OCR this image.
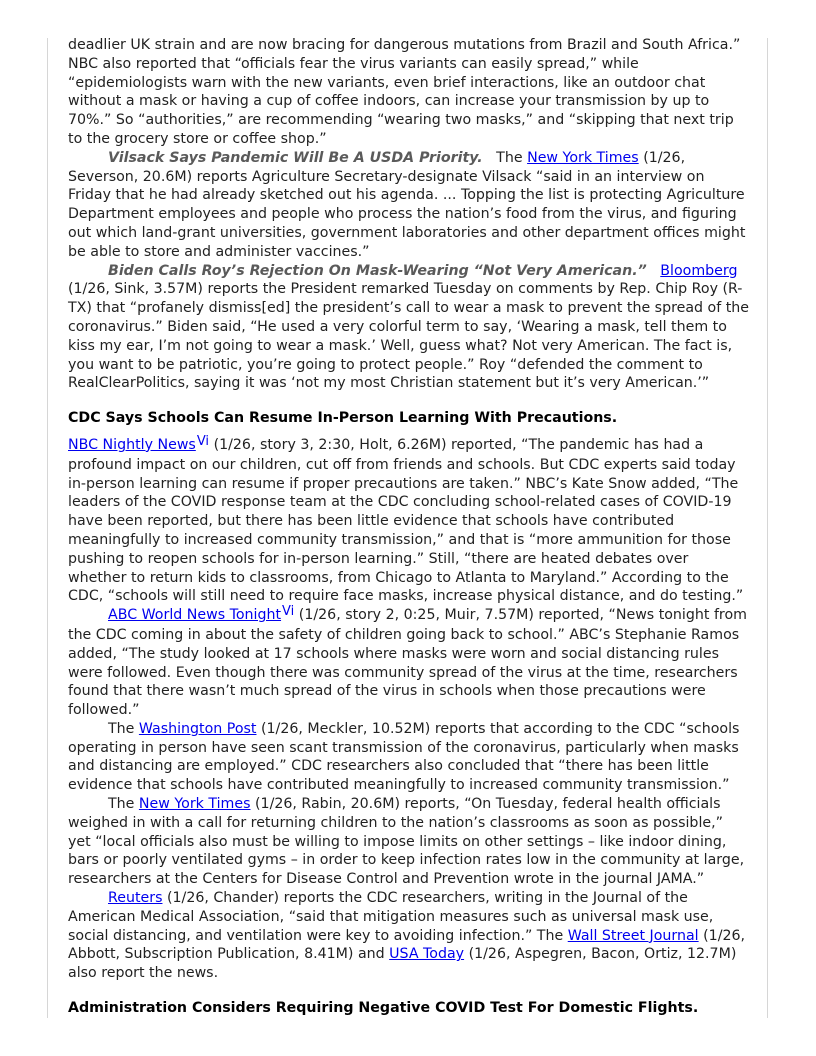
deadlier UK strain and are now bracing for dangerous mutations from Brazil and South Africa.” NBC also reported that “officials fear the virus variants can easily spread,” while “epidemiologists warn with the new variants, even brief interactions, like an outdoor chat without a mask or having a cup of coffee indoors, can increase your transmission by up to 70%.” So “authorities,” are recommending “wearing two masks,” and “skipping that next trip to the grocery store or coffee shop.”

Vilsack Says Pandemic Will Be A USDA Priority. The New York Times (1/26, Severson, 20.6M) reports Agriculture Secretary-designate Vilsack “said in an interview on Friday that he had already sketched out his agenda. ... Topping the list is protecting Agriculture Department employees and people who process the nation’s food from the virus, and figuring out which land-grant universities, government laboratories and other department offices might be able to store and administer vaccines.”

Biden Calls Roy’s Rejection On Mask-Wearing “Not Very American.” Bloomberg (1/26, Sink, 3.57M) reports the President remarked Tuesday on comments by Rep. Chip Roy (R-TX) that “profanely dismiss[ed] the president’s call to wear a mask to prevent the spread of the coronavirus.” Biden said, “He used a very colorful term to say, ‘Wearing a mask, tell them to kiss my ear, I’m not going to wear a mask.’ Well, guess what? Not very American. The fact is, you want to be patriotic, you’re going to protect people.” Roy “defended the comment to RealClearPolitics, saying it was ‘not my most Christian statement but it’s very American.’”

CDC Says Schools Can Resume In-Person Learning With Precautions.

NBC Nightly NewsVi (1/26, story 3, 2:30, Holt, 6.26M) reported, “The pandemic has had a profound impact on our children, cut off from friends and schools. But CDC experts said today in-person learning can resume if proper precautions are taken.” NBC’s Kate Snow added, “The leaders of the COVID response team at the CDC concluding school-related cases of COVID-19 have been reported, but there has been little evidence that schools have contributed meaningfully to increased community transmission,” and that is “more ammunition for those pushing to reopen schools for in-person learning.” Still, “there are heated debates over whether to return kids to classrooms, from Chicago to Atlanta to Maryland.” According to the CDC, “schools will still need to require face masks, increase physical distance, and do testing.”

ABC World News TonightVi (1/26, story 2, 0:25, Muir, 7.57M) reported, “News tonight from the CDC coming in about the safety of children going back to school.” ABC’s Stephanie Ramos added, “The study looked at 17 schools where masks were worn and social distancing rules were followed. Even though there was community spread of the virus at the time, researchers found that there wasn’t much spread of the virus in schools when those precautions were followed.”

The Washington Post (1/26, Meckler, 10.52M) reports that according to the CDC “schools operating in person have seen scant transmission of the coronavirus, particularly when masks and distancing are employed.” CDC researchers also concluded that “there has been little evidence that schools have contributed meaningfully to increased community transmission.”

The New York Times (1/26, Rabin, 20.6M) reports, “On Tuesday, federal health officials weighed in with a call for returning children to the nation’s classrooms as soon as possible,” yet “local officials also must be willing to impose limits on other settings – like indoor dining, bars or poorly ventilated gyms – in order to keep infection rates low in the community at large, researchers at the Centers for Disease Control and Prevention wrote in the journal JAMA.”

Reuters (1/26, Chander) reports the CDC researchers, writing in the Journal of the American Medical Association, “said that mitigation measures such as universal mask use, social distancing, and ventilation were key to avoiding infection.” The Wall Street Journal (1/26, Abbott, Subscription Publication, 8.41M) and USA Today (1/26, Aspegren, Bacon, Ortiz, 12.7M) also report the news.

Administration Considers Requiring Negative COVID Test For Domestic Flights.
